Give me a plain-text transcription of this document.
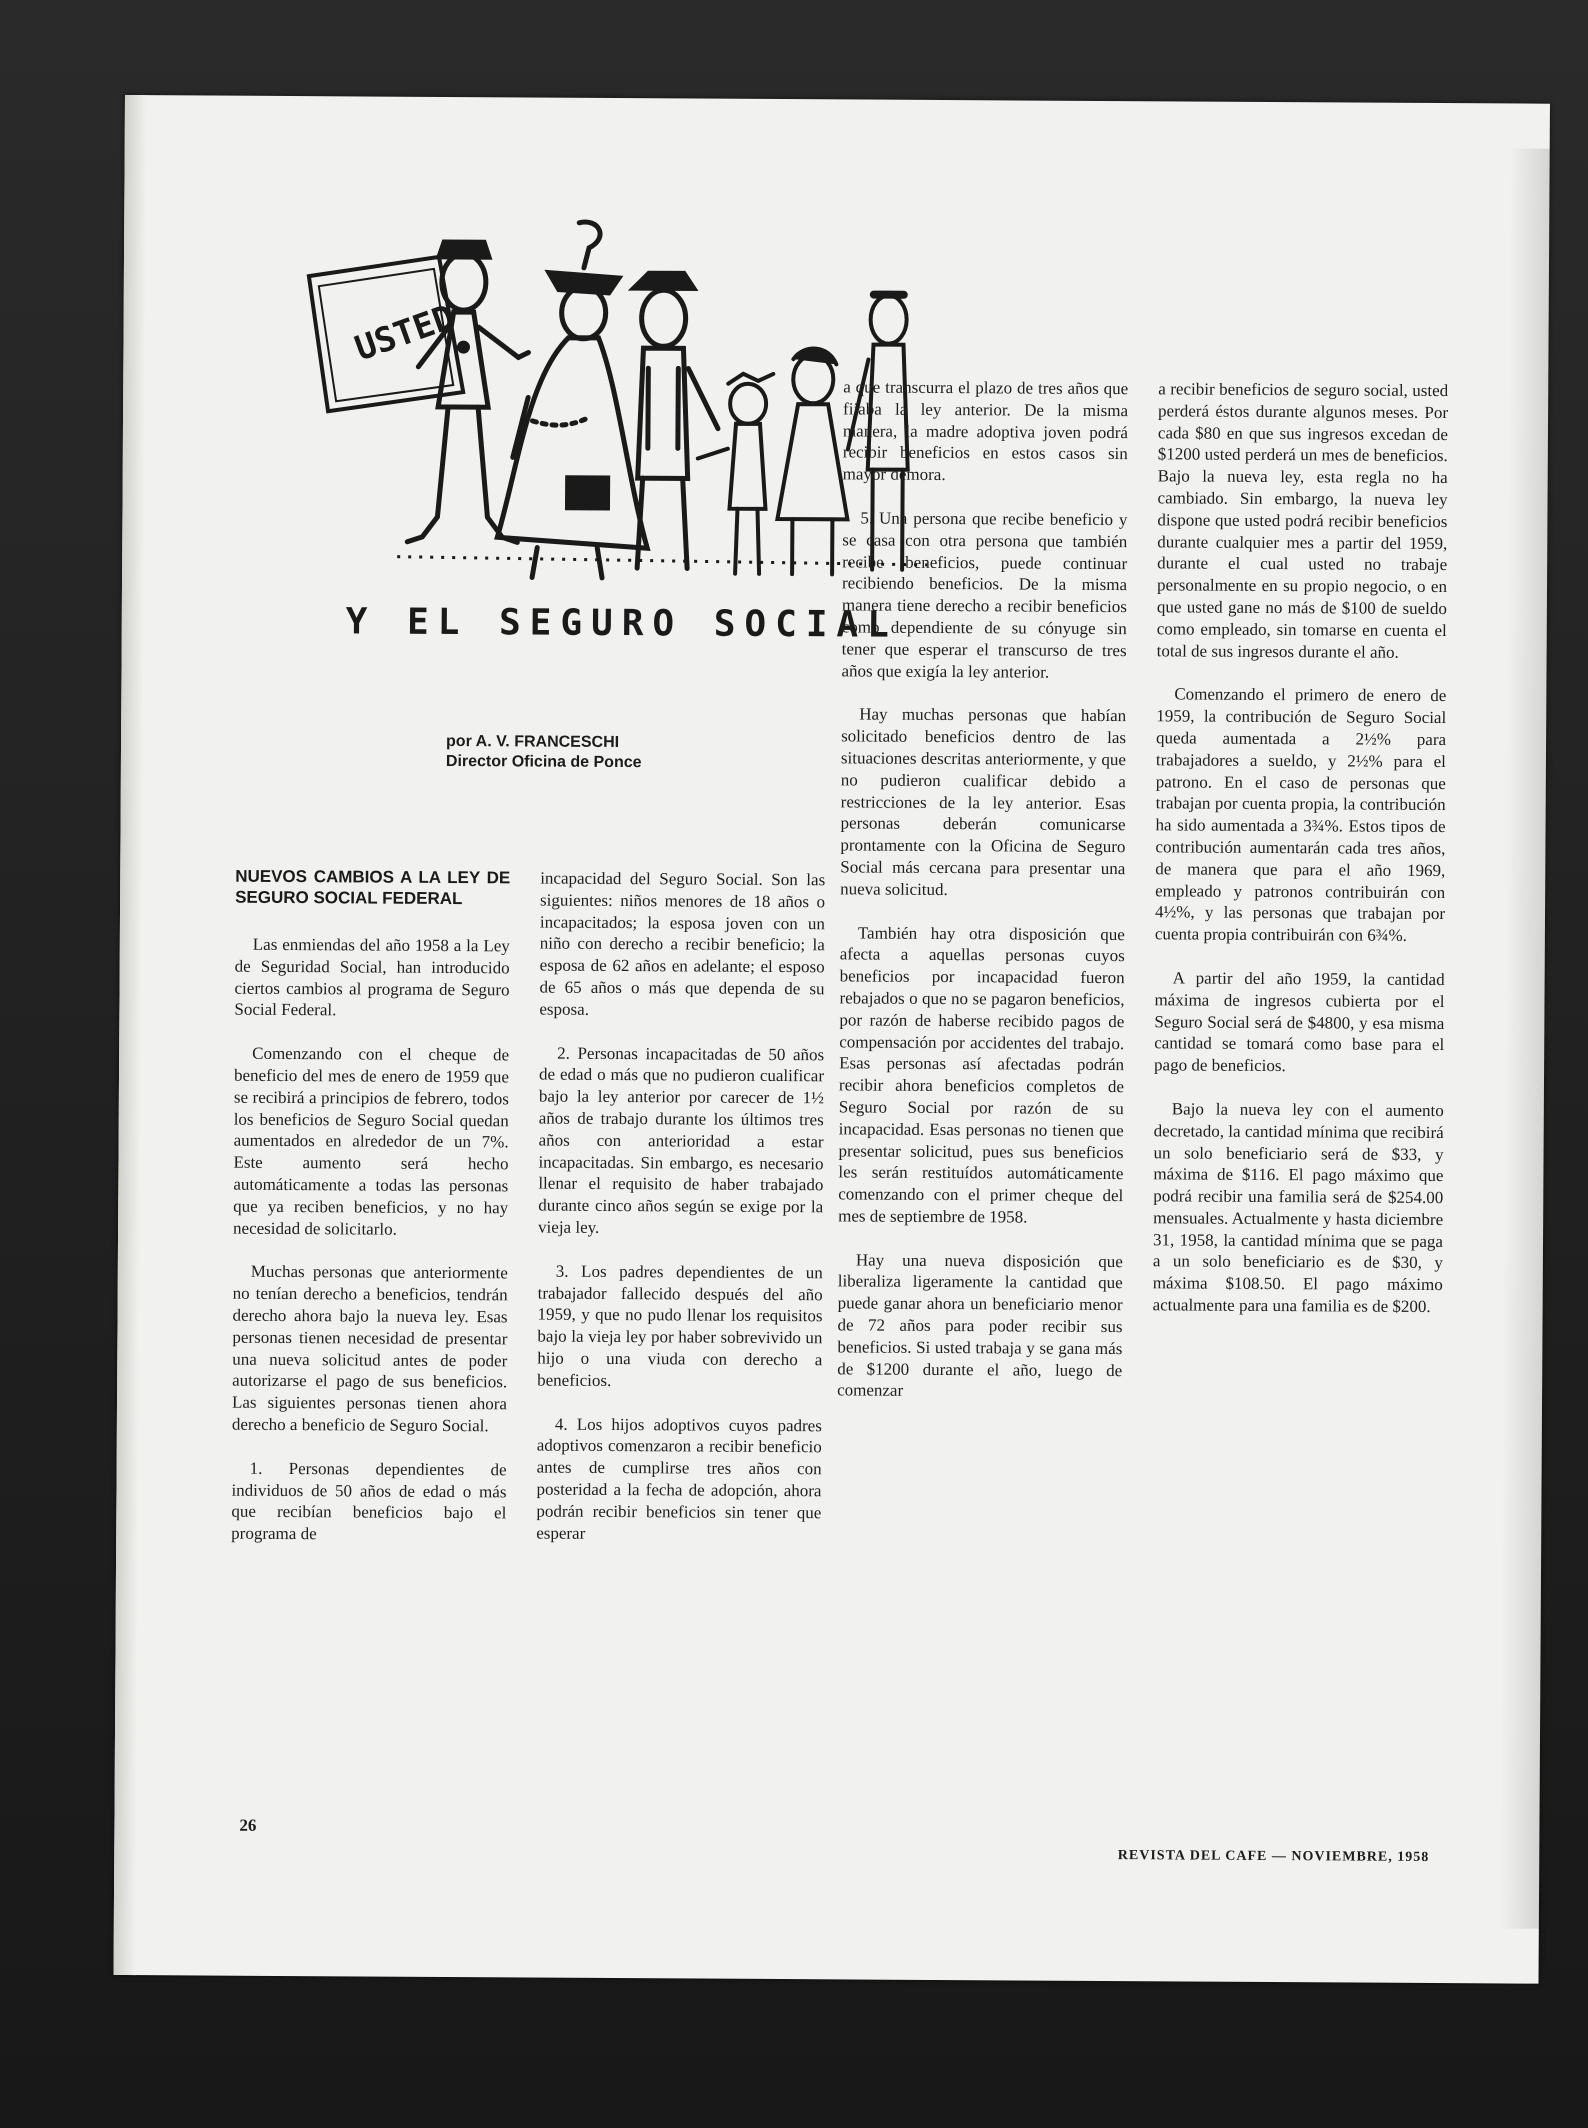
USTED
Y EL SEGURO SOCIAL
por A. V. FRANCESCHI
Director Oficina de Ponce
NUEVOS CAMBIOS A LA LEY DE SEGURO SOCIAL FEDERAL

Las enmiendas del año 1958 a la Ley de Seguridad Social, han introducido ciertos cambios al programa de Seguro Social Federal.

Comenzando con el cheque de beneficio del mes de enero de 1959 que se recibirá a principios de febrero, todos los beneficios de Seguro Social quedan aumentados en alrededor de un 7%. Este aumento será hecho automáticamente a todas las personas que ya reciben beneficios, y no hay necesidad de solicitarlo.

Muchas personas que anteriormente no tenían derecho a beneficios, tendrán derecho ahora bajo la nueva ley. Esas personas tienen necesidad de presentar una nueva solicitud antes de poder autorizarse el pago de sus beneficios. Las siguientes personas tienen ahora derecho a beneficio de Seguro Social.

1. Personas dependientes de individuos de 50 años de edad o más que recibían beneficios bajo el programa de

incapacidad del Seguro Social. Son las siguientes: niños menores de 18 años o incapacitados; la esposa joven con un niño con derecho a recibir beneficio; la esposa de 62 años en adelante; el esposo de 65 años o más que dependa de su esposa.

2. Personas incapacitadas de 50 años de edad o más que no pudieron cualificar bajo la ley anterior por carecer de 1½ años de trabajo durante los últimos tres años con anterioridad a estar incapacitadas. Sin embargo, es necesario llenar el requisito de haber trabajado durante cinco años según se exige por la vieja ley.

3. Los padres dependientes de un trabajador fallecido después del año 1959, y que no pudo llenar los requisitos bajo la vieja ley por haber sobrevivido un hijo o una viuda con derecho a beneficios.

4. Los hijos adoptivos cuyos padres adoptivos comenzaron a recibir beneficio antes de cumplirse tres años con posteridad a la fecha de adopción, ahora podrán recibir beneficios sin tener que esperar

a que transcurra el plazo de tres años que fijaba la ley anterior. De la misma manera, la madre adoptiva joven podrá recibir beneficios en estos casos sin mayor demora.

5. Una persona que recibe beneficio y se casa con otra persona que también recibe beneficios, puede continuar recibiendo beneficios. De la misma manera tiene derecho a recibir beneficios como dependiente de su cónyuge sin tener que esperar el transcurso de tres años que exigía la ley anterior.

Hay muchas personas que habían solicitado beneficios dentro de las situaciones descritas anteriormente, y que no pudieron cualificar debido a restricciones de la ley anterior. Esas personas deberán comunicarse prontamente con la Oficina de Seguro Social más cercana para presentar una nueva solicitud.

También hay otra disposición que afecta a aquellas personas cuyos beneficios por incapacidad fueron rebajados o que no se pagaron beneficios, por razón de haberse recibido pagos de compensación por accidentes del trabajo. Esas personas así afectadas podrán recibir ahora beneficios completos de Seguro Social por razón de su incapacidad. Esas personas no tienen que presentar solicitud, pues sus beneficios les serán restituídos automáticamente comenzando con el primer cheque del mes de septiembre de 1958.

Hay una nueva disposición que liberaliza ligeramente la cantidad que puede ganar ahora un beneficiario menor de 72 años para poder recibir sus beneficios. Si usted trabaja y se gana más de $1200 durante el año, luego de comenzar

a recibir beneficios de seguro social, usted perderá éstos durante algunos meses. Por cada $80 en que sus ingresos excedan de $1200 usted perderá un mes de beneficios. Bajo la nueva ley, esta regla no ha cambiado. Sin embargo, la nueva ley dispone que usted podrá recibir beneficios durante cualquier mes a partir del 1959, durante el cual usted no trabaje personalmente en su propio negocio, o en que usted gane no más de $100 de sueldo como empleado, sin tomarse en cuenta el total de sus ingresos durante el año.

Comenzando el primero de enero de 1959, la contribución de Seguro Social queda aumentada a 2½% para trabajadores a sueldo, y 2½% para el patrono. En el caso de personas que trabajan por cuenta propia, la contribución ha sido aumentada a 3¾%. Estos tipos de contribución aumentarán cada tres años, de manera que para el año 1969, empleado y patronos contribuirán con 4½%, y las personas que trabajan por cuenta propia contribuirán con 6¾%.

A partir del año 1959, la cantidad máxima de ingresos cubierta por el Seguro Social será de $4800, y esa misma cantidad se tomará como base para el pago de beneficios.

Bajo la nueva ley con el aumento decretado, la cantidad mínima que recibirá un solo beneficiario será de $33, y máxima de $116. El pago máximo que podrá recibir una familia será de $254.00 mensuales. Actualmente y hasta diciembre 31, 1958, la cantidad mínima que se paga a un solo beneficiario es de $30, y máxima $108.50. El pago máximo actualmente para una familia es de $200.

26
REVISTA DEL CAFE — NOVIEMBRE, 1958
